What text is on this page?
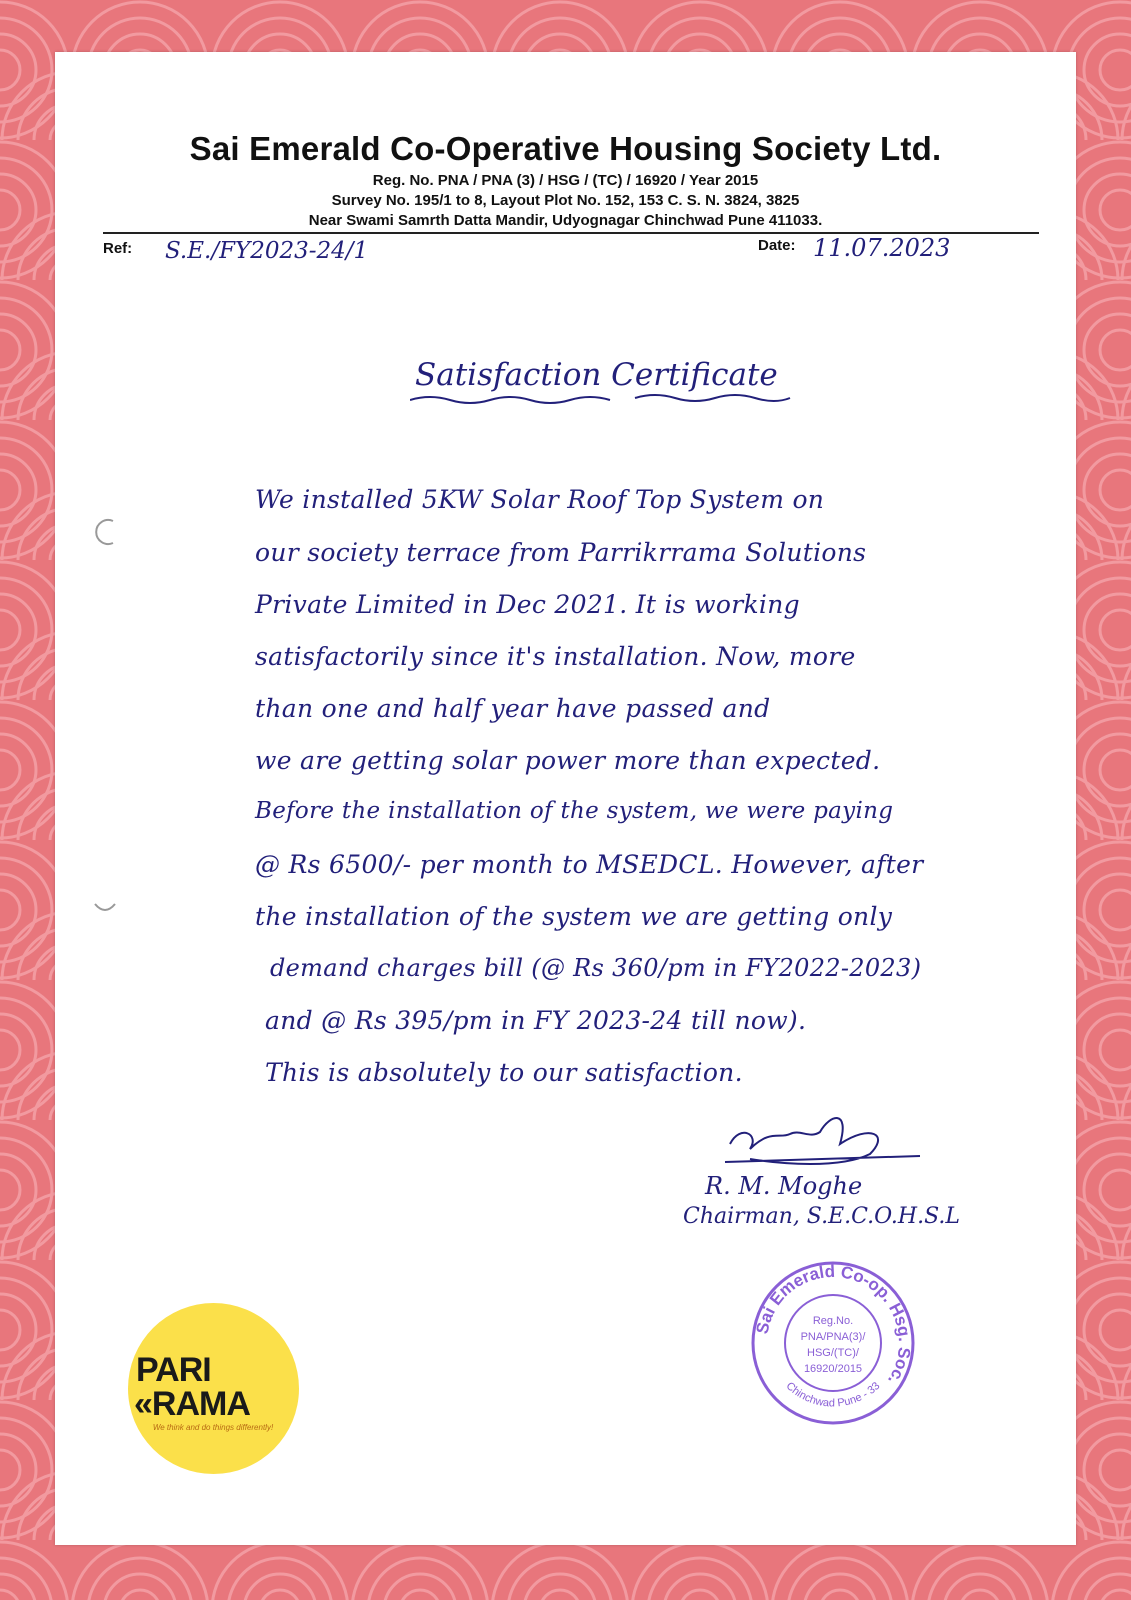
Sai Emerald Co-Operative Housing Society Ltd.
Reg. No. PNA / PNA (3) / HSG / (TC) / 16920 / Year 2015
Survey No. 195/1 to 8, Layout Plot No. 152, 153 C. S. N. 3824, 3825
Near Swami Samrth Datta Mandir, Udyognagar Chinchwad Pune 411033.
Ref: S.E./FY2023-24/1	Date: 11.07.2023
Satisfaction Certificate
We installed 5KW Solar Roof Top System on
our society terrace from Parrikrrama Solutions
Private Limited in Dec 2021. It is working
satisfactorily since it's installation. Now, more
than one and half year have passed and
we are getting solar power more than expected.
Before the installation of the system, we were paying
@ Rs 6500/- per month to MSEDCL. However, after
the installation of the system we are getting only
demand charges bill (@ Rs 360/pm in FY2022-2023)
and @ Rs 395/pm in FY 2023-24 till now).
This is absolutely to our satisfaction.
R. M. Moghe
Chairman, S.E.C.O.H.S.L
Sai Emerald Co-op. Hsg. Soc.
Chinchwad Pune - 33
Reg.No.
PNA/PNA(3)/
HSG/(TC)/
16920/2015
PARI
«RAMA
We think and do things differently!
